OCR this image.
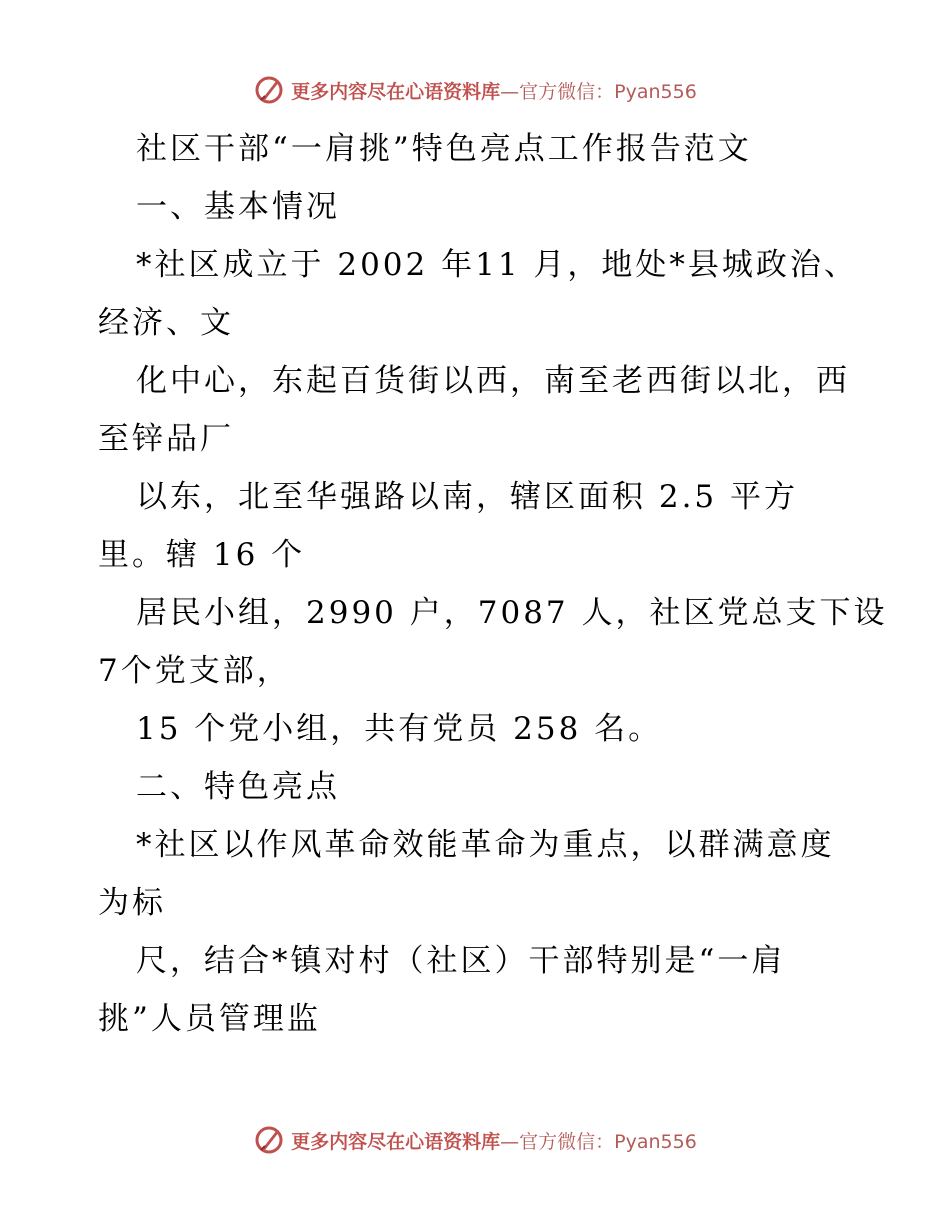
更多内容尽在心语资料库 —官方微信：Pyan556
社区干部“一肩挑”特色亮点工作报告范文
一、基本情况
*社区成立于 2002 年11 月，地处*县城政治、
经济、文
化中心，东起百货街以西，南至老西街以北，西
至锌品厂
以东，北至华强路以南，辖区面积 2.5 平方
里。辖 16 个
居民小组，2990 户，7087 人，社区党总支下设
7个党支部，
15 个党小组，共有党员 258 名。
二、特色亮点
*社区以作风革命效能革命为重点，以群满意度
为标
尺，结合*镇对村（社区）干部特别是“一肩
挑”人员管理监
更多内容尽在心语资料库 —官方微信：Pyan556
